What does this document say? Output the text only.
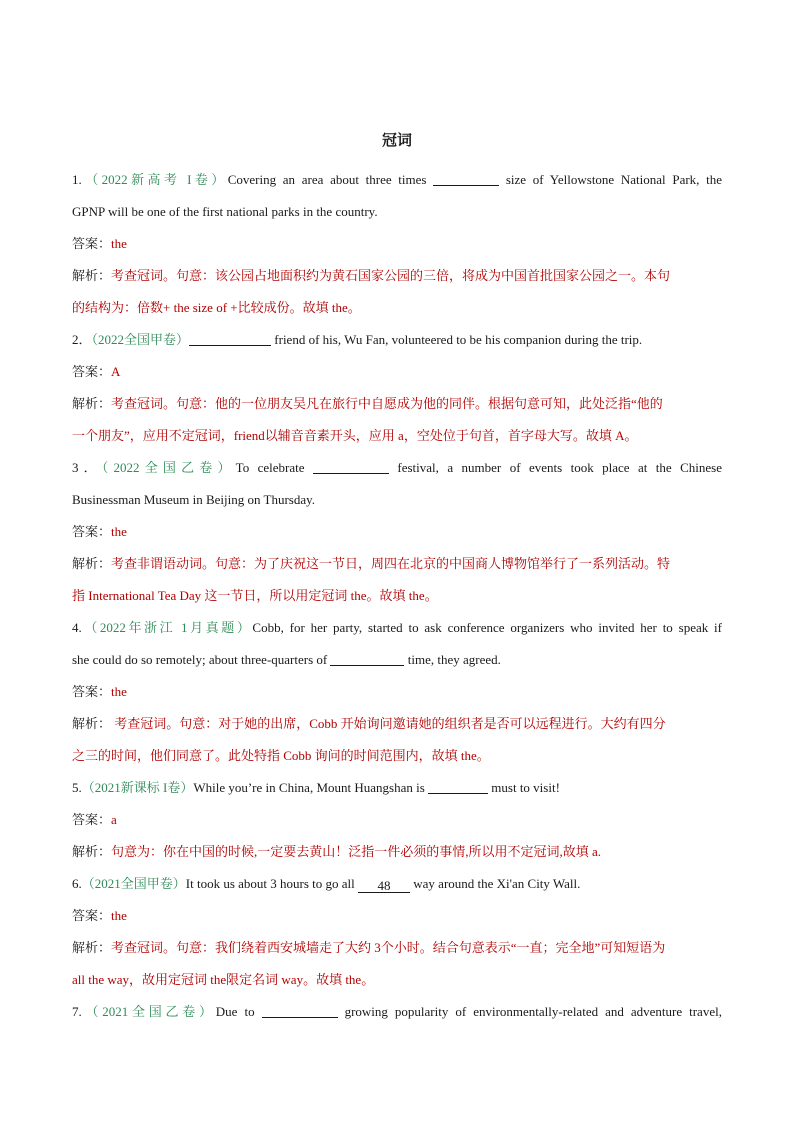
冠词

1.（2022新高考 I卷）Covering an area about three times	size of Yellowstone National Park, the

GPNP will be one of the first national parks in the country.

答案：the

解析：考查冠词。句意：该公园占地面积约为黄石国家公园的三倍，将成为中国首批国家公园之一。本句

的结构为：倍数+ the size of +比较成份。故填 the。

2．（2022全国甲卷）	friend of his, Wu Fan, volunteered to be his companion during the trip.

答案：A

解析：考查冠词。句意：他的一位朋友吴凡在旅行中自愿成为他的同伴。根据句意可知，此处泛指“他的

一个朋友”，应用不定冠词，friend以辅音音素开头，应用 a，空处位于句首，首字母大写。故填 A。

3．（2022全国乙卷）To celebrate	festival, a number of events took place at the Chinese

Businessman Museum in Beijing on Thursday.

答案：the

解析：考查非谓语动词。句意：为了庆祝这一节日，周四在北京的中国商人博物馆举行了一系列活动。特

指 International Tea Day 这一节日，所以用定冠词 the。故填 the。

4.（2022年浙江 1月真题）Cobb, for her party, started to ask conference organizers who invited her to speak if

she could do so remotely; about three-quarters of	time, they agreed.

答案：the

解析： 考查冠词。句意：对于她的出席，Cobb 开始询问邀请她的组织者是否可以远程进行。大约有四分

之三的时间，他们同意了。此处特指 Cobb 询问的时间范围内，故填 the。

5.（2021新课标 I卷）While you’re in China, Mount Huangshan is	must to visit!

答案：a

解析：句意为：你在中国的时候,一定要去黄山！泛指一件必须的事情,所以用不定冠词,故填 a.

6.（2021全国甲卷）It took us about 3 hours to go all 48 way around the Xi'an City Wall.

答案：the

解析：考查冠词。句意：我们绕着西安城墙走了大约 3个小时。结合句意表示“一直；完全地”可知短语为

all the way，故用定冠词 the限定名词 way。故填 the。

7.（2021全国乙卷）Due to	growing popularity of environmentally-related and adventure travel,
